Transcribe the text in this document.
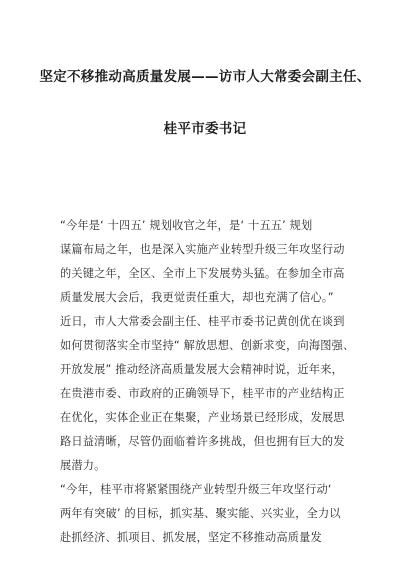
坚定不移推动高质量发展——访市人大常委会副主任、
桂平市委书记
“今年是‘ 十四五’ 规划收官之年，是‘ 十五五’ 规划
谋篇布局之年，也是深入实施产业转型升级三年攻坚行动
的关键之年，全区、全市上下发展势头猛。在参加全市高
质量发展大会后，我更觉责任重大，却也充满了信心。”
近日，市人大常委会副主任、桂平市委书记黄创优在谈到
如何贯彻落实全市坚持“ 解放思想、创新求变，向海图强、
开放发展” 推动经济高质量发展大会精神时说，近年来，
在贵港市委、市政府的正确领导下，桂平市的产业结构正
在优化，实体企业正在集聚，产业场景已经形成，发展思
路日益清晰，尽管仍面临着许多挑战，但也拥有巨大的发
展潜力。
“今年，桂平市将紧紧围绕产业转型升级三年攻坚行动‘
两年有突破’ 的目标，抓实基、聚实能、兴实业，全力以
赴抓经济、抓项目、抓发展，坚定不移推动高质量发
